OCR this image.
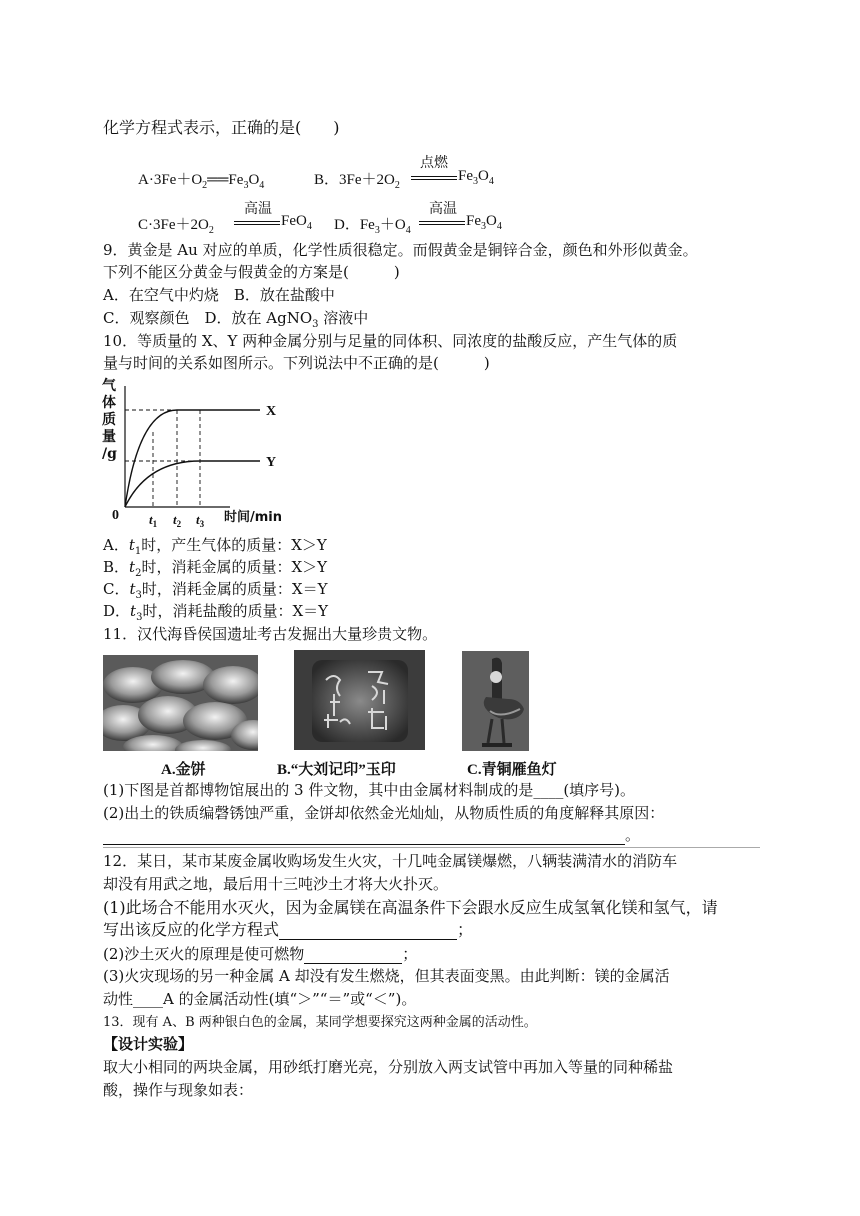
化学方程式表示，正确的是(　　)
$A\cdot 3Fe+O_2══Fe_3O_4$	B．$3Fe+2O_2$
点燃
$Fe_3O_4$
$C\cdot 3Fe+2O_2$
高温
FeO$_4$ D．$Fe_3+O_4$
高温
$Fe_3O_4$
9．黄金是 Au 对应的单质，化学性质很稳定。而假黄金是铜锌合金，颜色和外形似黄金。
下列不能区分黄金与假黄金的方案是(　　　)
A．在空气中灼烧　B．放在盐酸中
C．观察颜色　D．放在 AgNO$_3$ 溶液中
10．等质量的 X、Y 两种金属分别与足量的同体积、同浓度的盐酸反应，产生气体的质
量与时间的关系如图所示。下列说法中不正确的是(　　　)
气
体
质
量
/g
X
Y
0 $t_1$ $t_2$ $t_3$ 时间/min
A．$t_1$时，产生气体的质量：X＞Y
B．$t_2$时，消耗金属的质量：X＞Y
C．$t_3$时，消耗金属的质量：X＝Y
D．$t_3$时，消耗盐酸的质量：X＝Y
11．汉代海昏侯国遗址考古发掘出大量珍贵文物。
A.金饼	B.“大刘记印”玉印	C.青铜雁鱼灯
(1)下图是首都博物馆展出的 3 件文物，其中由金属材料制成的是____(填序号)。
(2)出土的铁质编磬锈蚀严重，金饼却依然金光灿灿，从物质性质的角度解释其原因：
。
12．某日，某市某废金属收购场发生火灾，十几吨金属镁爆燃，八辆装满清水的消防车
却没有用武之地，最后用十三吨沙土才将大火扑灭。
(1)此场合不能用水灭火，因为金属镁在高温条件下会跟水反应生成氢氧化镁和氢气，请
写出该反应的化学方程式	；
(2)沙土灭火的原理是使可燃物	；
(3)火灾现场的另一种金属 A 却没有发生燃烧，但其表面变黑。由此判断：镁的金属活
动性____A 的金属活动性(填“＞”“＝”或“＜”)。
13．现有 A、B 两种银白色的金属，某同学想要探究这两种金属的活动性。
【设计实验】
取大小相同的两块金属，用砂纸打磨光亮，分别放入两支试管中再加入等量的同种稀盐
酸，操作与现象如表：
